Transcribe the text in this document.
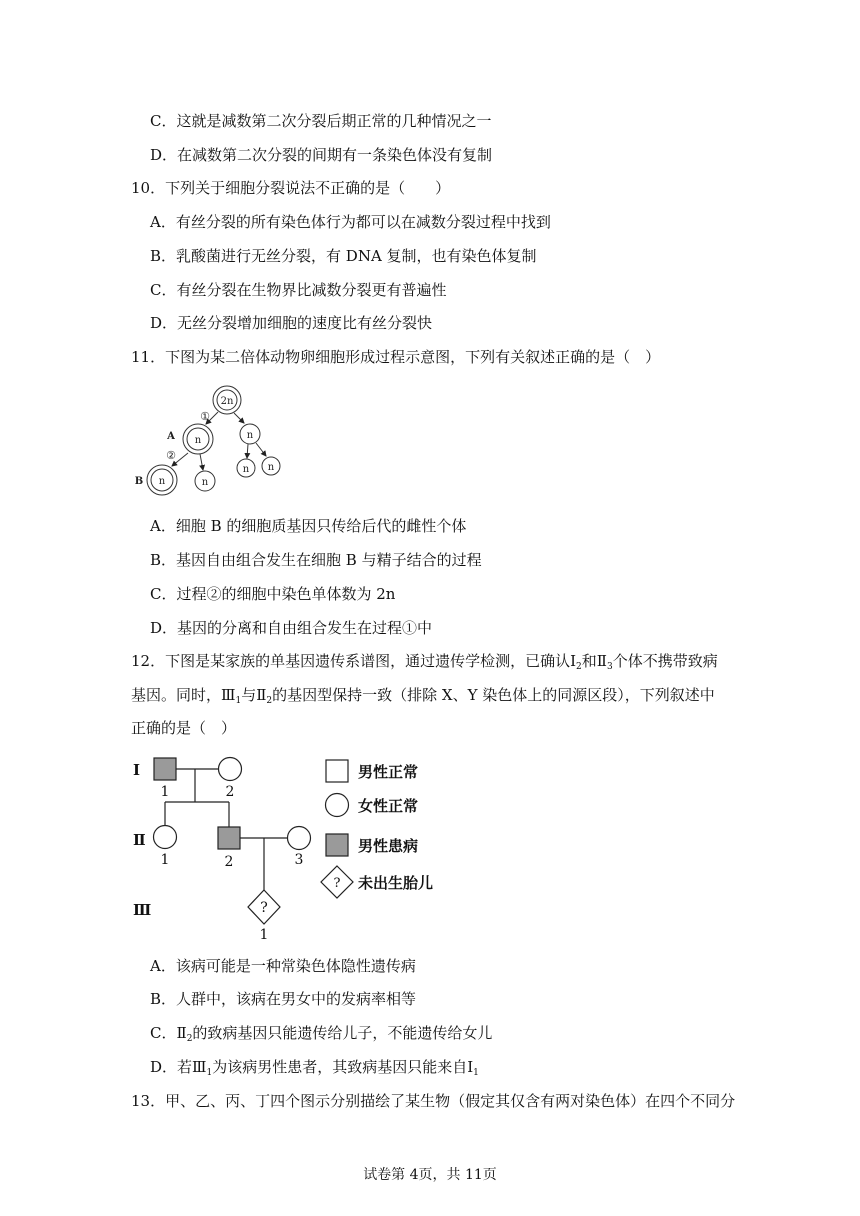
C．这就是减数第二次分裂后期正常的几种情况之一
D．在减数第二次分裂的间期有一条染色体没有复制
10．下列关于细胞分裂说法不正确的是（　　）
A．有丝分裂的所有染色体行为都可以在减数分裂过程中找到
B．乳酸菌进行无丝分裂，有 DNA 复制，也有染色体复制
C．有丝分裂在生物界比减数分裂更有普遍性
D．无丝分裂增加细胞的速度比有丝分裂快
11．下图为某二倍体动物卵细胞形成过程示意图，下列有关叙述正确的是（　）
2n
n	n
n	n
n n
①
②
A
B
A．细胞 B 的细胞质基因只传给后代的雌性个体
B．基因自由组合发生在细胞 B 与精子结合的过程
C．过程②的细胞中染色单体数为 2n
D．基因的分离和自由组合发生在过程①中
12．下图是某家族的单基因遗传系谱图，通过遗传学检测，已确认$Ⅰ_2$和$Ⅱ_3$个体不携带致病
基因。同时，$Ⅲ_1$与$Ⅱ_2$的基因型保持一致（排除 X、Y 染色体上的同源区段），下列叙述中
正确的是（　）
Ⅰ
Ⅱ
Ⅲ
1	2
1	2	3
?
1
?
男性正常
女性正常
男性患病
未出生胎儿
A．该病可能是一种常染色体隐性遗传病
B．人群中，该病在男女中的发病率相等
C．$Ⅱ_2$的致病基因只能遗传给儿子，不能遗传给女儿
D．若$Ⅲ_1$为该病男性患者，其致病基因只能来自$Ⅰ_1$
13．甲、乙、丙、丁四个图示分别描绘了某生物（假定其仅含有两对染色体）在四个不同分
试卷第 4页，共 11页
